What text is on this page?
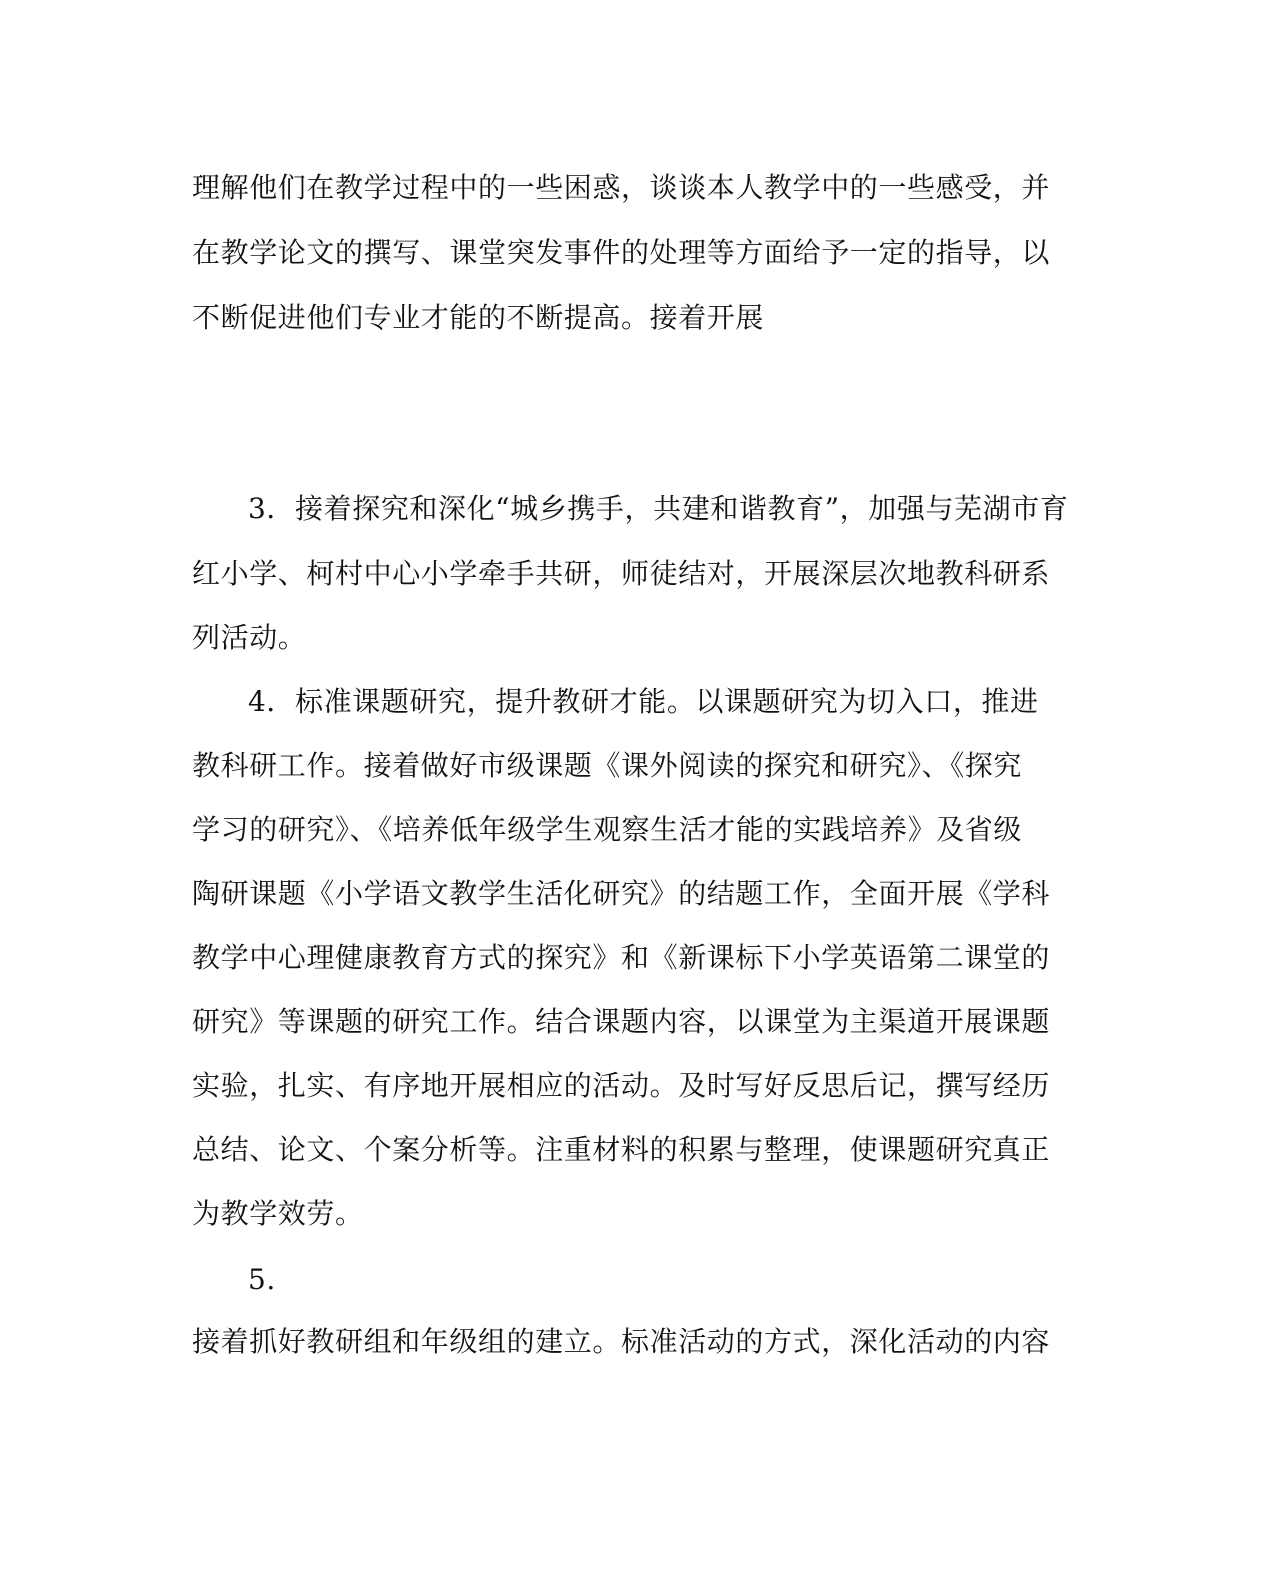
理解他们在教学过程中的一些困惑，谈谈本人教学中的一些感受，并
在教学论文的撰写、课堂突发事件的处理等方面给予一定的指导，以
不断促进他们专业才能的不断提高。接着开展
3．接着探究和深化“城乡携手，共建和谐教育”，加强与芜湖市育
红小学、柯村中心小学牵手共研，师徒结对，开展深层次地教科研系
列活动。
4．标准课题研究，提升教研才能。以课题研究为切入口，推进
教科研工作。接着做好市级课题《课外阅读的探究和研究》、《探究
学习的研究》、《培养低年级学生观察生活才能的实践培养》及省级
陶研课题《小学语文教学生活化研究》的结题工作，全面开展《学科
教学中心理健康教育方式的探究》和《新课标下小学英语第二课堂的
研究》等课题的研究工作。结合课题内容，以课堂为主渠道开展课题
实验，扎实、有序地开展相应的活动。及时写好反思后记，撰写经历
总结、论文、个案分析等。注重材料的积累与整理，使课题研究真正
为教学效劳。
5.
接着抓好教研组和年级组的建立。标准活动的方式，深化活动的内容
